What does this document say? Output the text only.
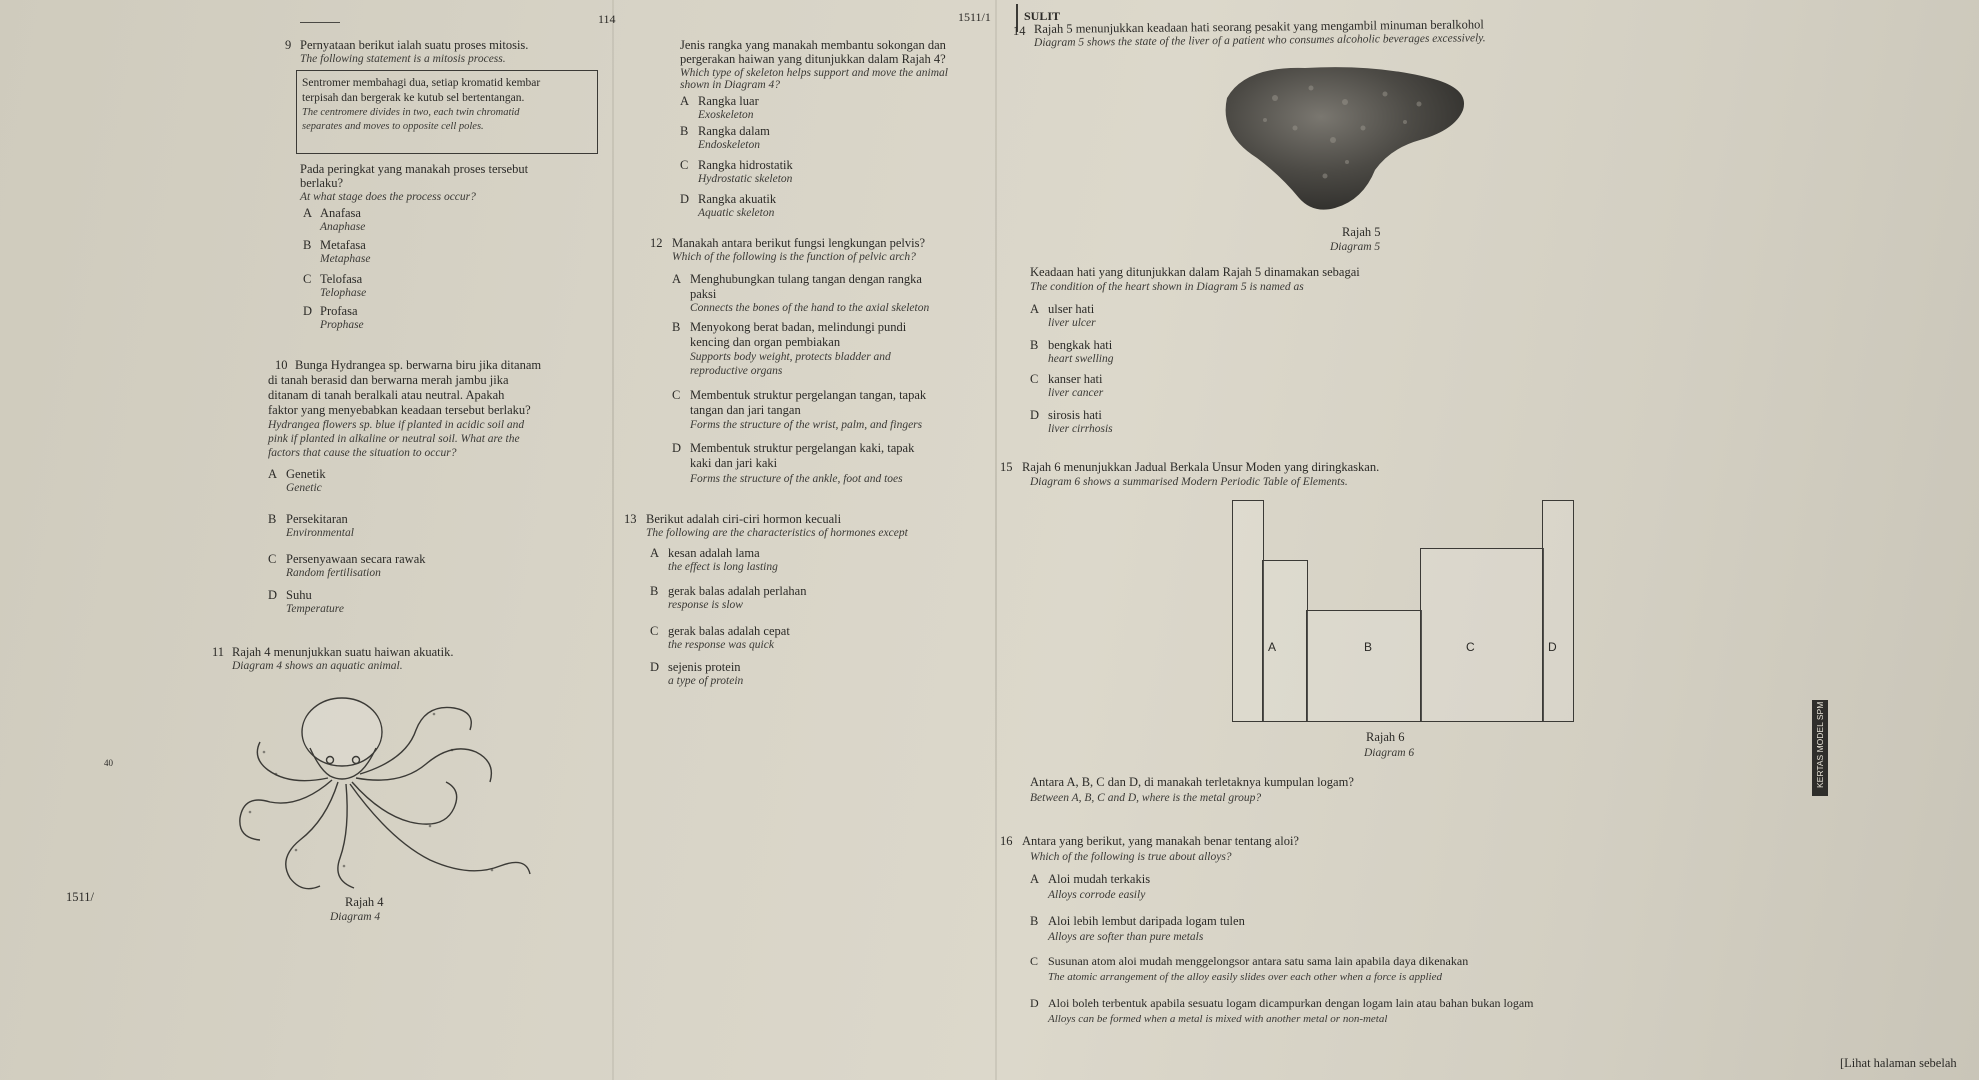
114	1511/1	SULIT
9 Pernyataan berikut ialah suatu proses mitosis.
The following statement is a mitosis process.
Sentromer membahagi dua, setiap kromatid kembar
terpisah dan bergerak ke kutub sel bertentangan.
The centromere divides in two, each twin chromatid
separates and moves to opposite cell poles.
Pada peringkat yang manakah proses tersebut
berlaku?
At what stage does the process occur?
A Anafasa
Anaphase
B Metafasa
Metaphase
C Telofasa
Telophase
D Profasa
Prophase
10 Bunga Hydrangea sp. berwarna biru jika ditanam
di tanah berasid dan berwarna merah jambu jika
ditanam di tanah beralkali atau neutral. Apakah
faktor yang menyebabkan keadaan tersebut berlaku?
Hydrangea flowers sp. blue if planted in acidic soil and
pink if planted in alkaline or neutral soil. What are the
factors that cause the situation to occur?
A Genetik
Genetic
B Persekitaran
Environmental
C Persenyawaan secara rawak
Random fertilisation
D Suhu
Temperature
11 Rajah 4 menunjukkan suatu haiwan akuatik.
Diagram 4 shows an aquatic animal.
40
Rajah 4
Diagram 4
1511/
Jenis rangka yang manakah membantu sokongan dan
pergerakan haiwan yang ditunjukkan dalam Rajah 4?
Which type of skeleton helps support and move the animal
shown in Diagram 4?
A Rangka luar
Exoskeleton
B Rangka dalam
Endoskeleton
C Rangka hidrostatik
Hydrostatic skeleton
D Rangka akuatik
Aquatic skeleton
12 Manakah antara berikut fungsi lengkungan pelvis?
Which of the following is the function of pelvic arch?
A Menghubungkan tulang tangan dengan rangka
paksi
Connects the bones of the hand to the axial skeleton
B Menyokong berat badan, melindungi pundi
kencing dan organ pembiakan
Supports body weight, protects bladder and
reproductive organs
C Membentuk struktur pergelangan tangan, tapak
tangan dan jari tangan
Forms the structure of the wrist, palm, and fingers
D Membentuk struktur pergelangan kaki, tapak
kaki dan jari kaki
Forms the structure of the ankle, foot and toes
13 Berikut adalah ciri-ciri hormon kecuali
The following are the characteristics of hormones except
A kesan adalah lama
the effect is long lasting
B gerak balas adalah perlahan
response is slow
C gerak balas adalah cepat
the response was quick
D sejenis protein
a type of protein
14 Rajah 5 menunjukkan keadaan hati seorang pesakit yang mengambil minuman beralkohol
Diagram 5 shows the state of the liver of a patient who consumes alcoholic beverages excessively.
Rajah 5
Diagram 5
Keadaan hati yang ditunjukkan dalam Rajah 5 dinamakan sebagai
The condition of the heart shown in Diagram 5 is named as
A ulser hati
liver ulcer
B bengkak hati
heart swelling
C kanser hati
liver cancer
D sirosis hati
liver cirrhosis
15 Rajah 6 menunjukkan Jadual Berkala Unsur Moden yang diringkaskan.
Diagram 6 shows a summarised Modern Periodic Table of Elements.
A	B	C	D
Rajah 6
Diagram 6
Antara A, B, C dan D, di manakah terletaknya kumpulan logam?
Between A, B, C and D, where is the metal group?
16 Antara yang berikut, yang manakah benar tentang aloi?
Which of the following is true about alloys?
A Aloi mudah terkakis
Alloys corrode easily
B Aloi lebih lembut daripada logam tulen
Alloys are softer than pure metals
C Susunan atom aloi mudah menggelongsor antara satu sama lain apabila daya dikenakan
The atomic arrangement of the alloy easily slides over each other when a force is applied
D Aloi boleh terbentuk apabila sesuatu logam dicampurkan dengan logam lain atau bahan bukan logam
Alloys can be formed when a metal is mixed with another metal or non-metal
[Lihat halaman sebelah
KERTAS MODEL SPM
